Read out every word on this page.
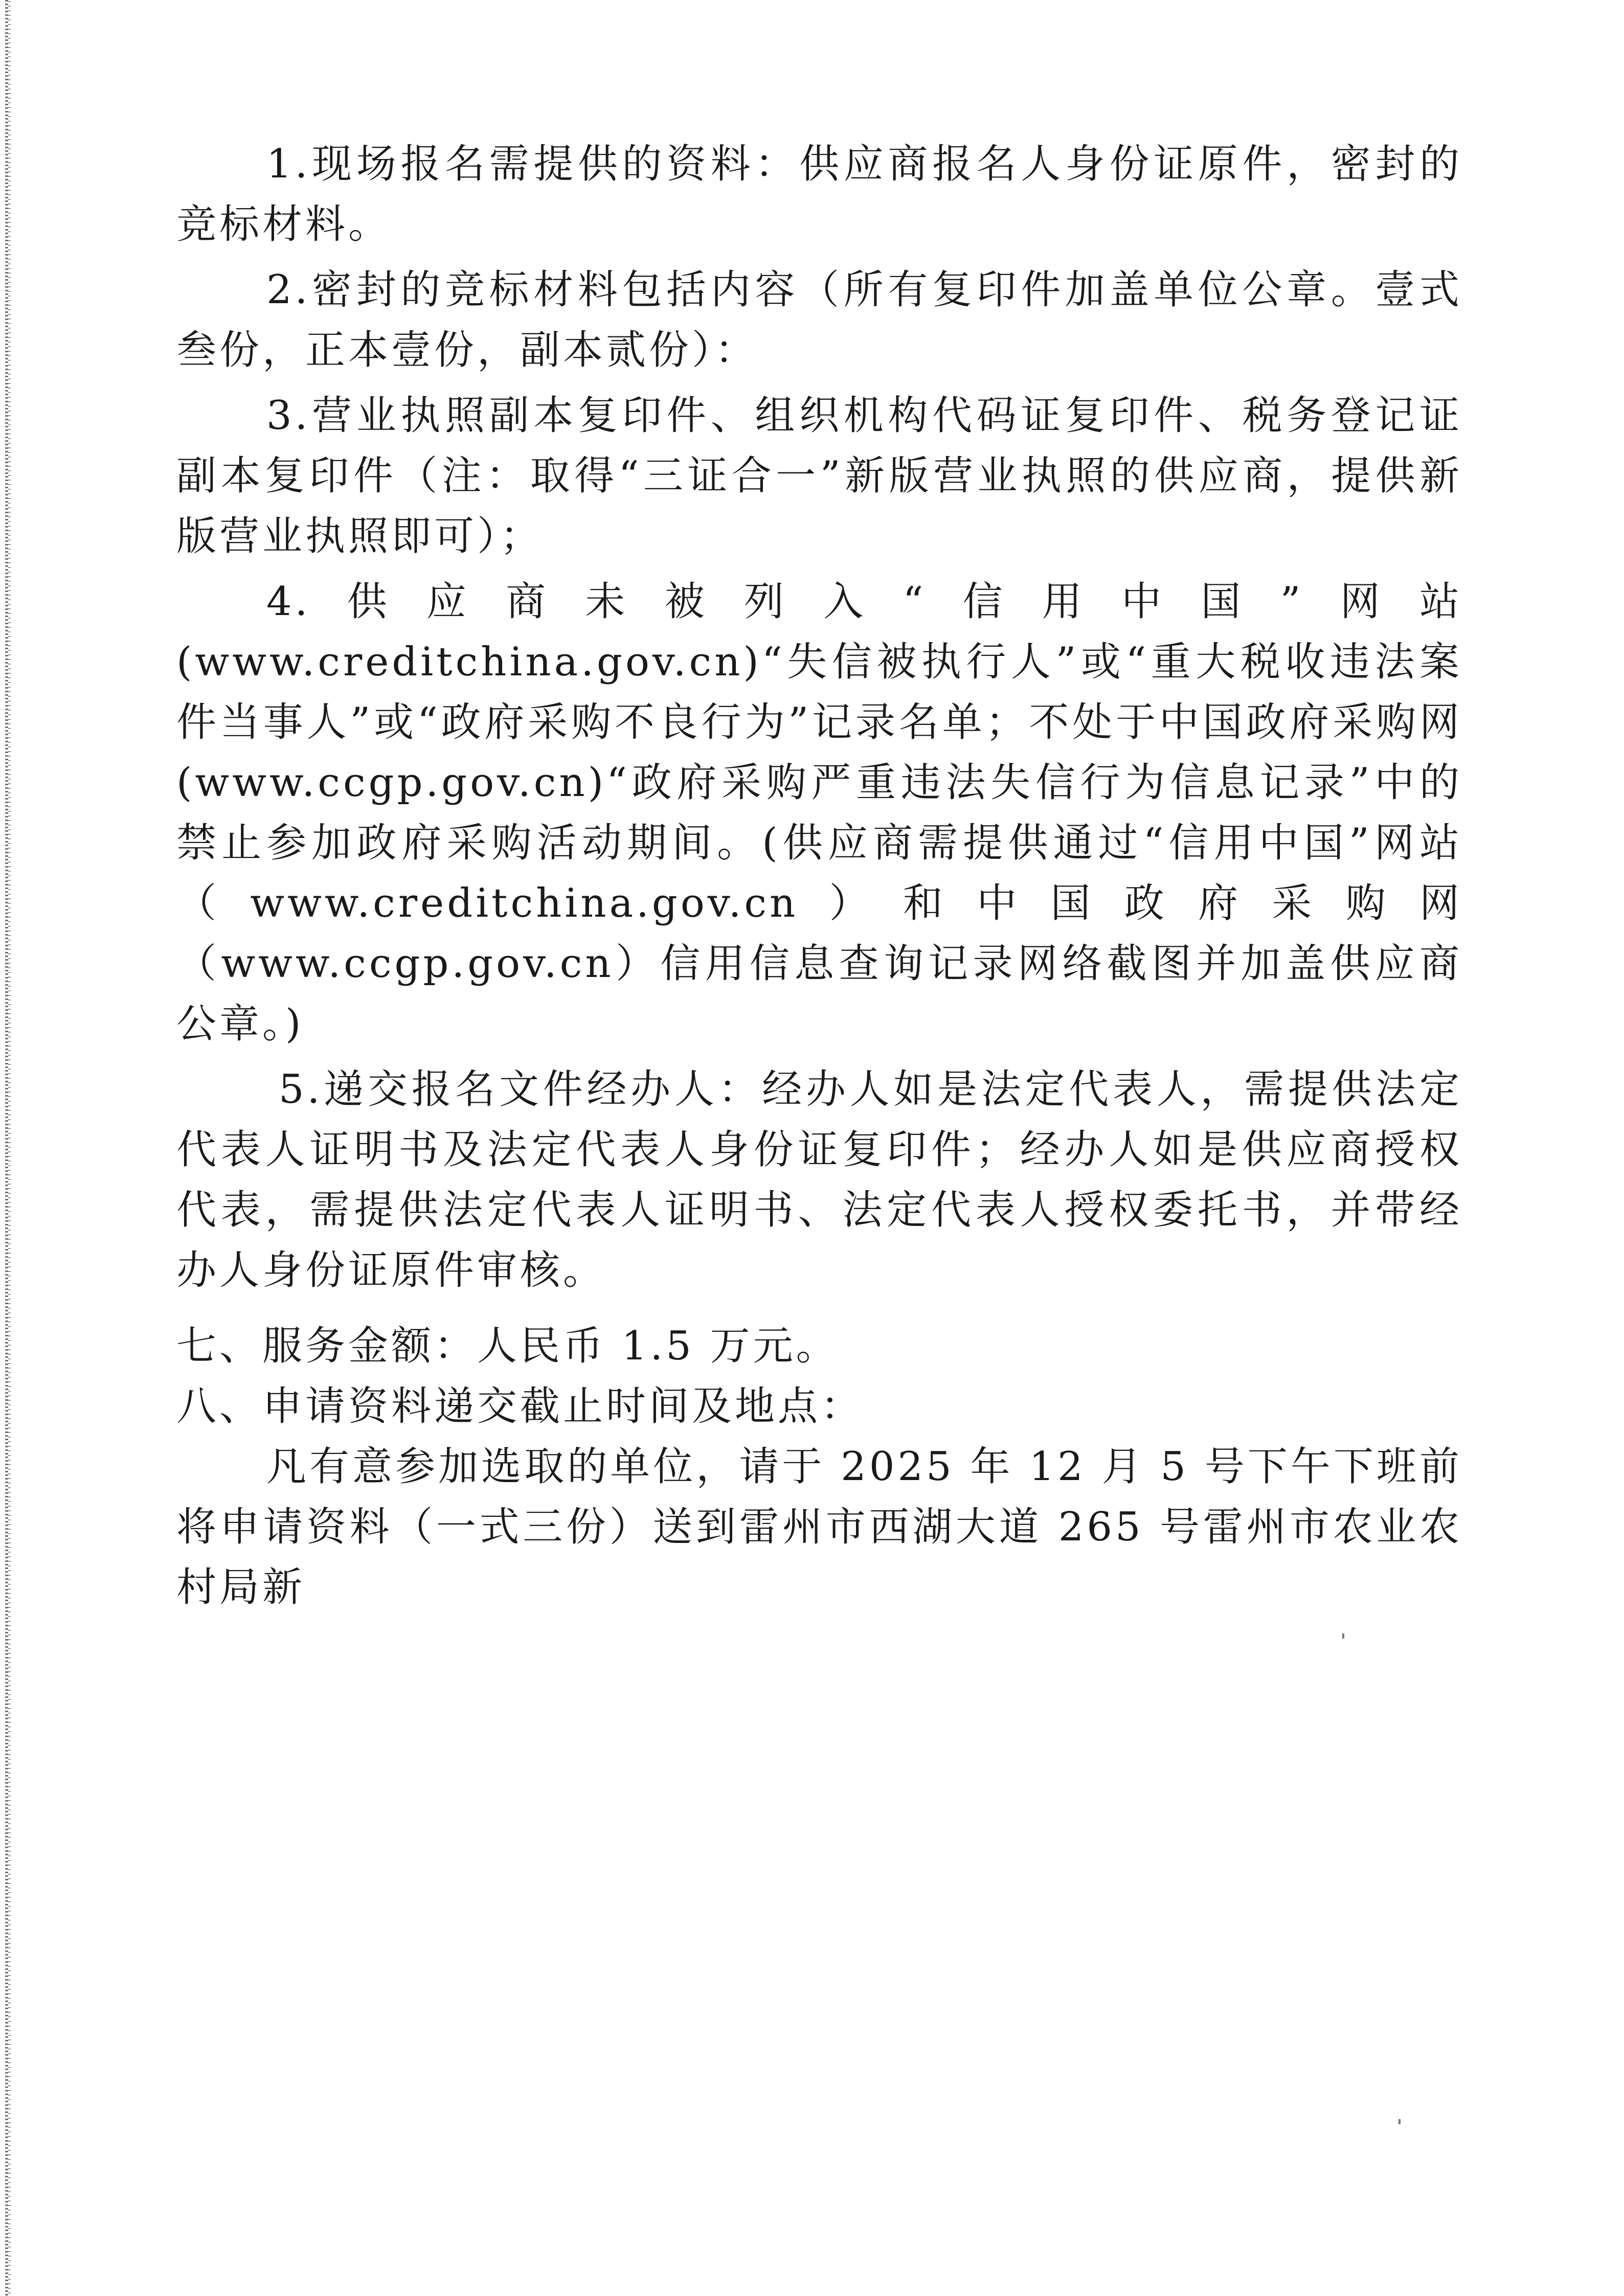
1.现场报名需提供的资料：供应商报名人身份证原件，密封的竞标材料。

2.密封的竞标材料包括内容（所有复印件加盖单位公章。壹式叁份，正本壹份，副本贰份）：

3.营业执照副本复印件、组织机构代码证复印件、税务登记证副本复印件（注：取得“三证合一”新版营业执照的供应商，提供新版营业执照即可）；

4.供应商未被列入“信用中国”网站

(www.creditchina.gov.cn)“失信被执行人”或“重大税收违法案件当事人”或“政府采购不良行为”记录名单；不处于中国政府采购网(www.ccgp.gov.cn)“政府采购严重违法失信行为信息记录”中的禁止参加政府采购活动期间。(供应商需提供通过“信用中国”网站（www.creditchina.gov.cn）和中国政府采购网（www.ccgp.gov.cn）信用信息查询记录网络截图并加盖供应商公章。)

5.递交报名文件经办人：经办人如是法定代表人，需提供法定代表人证明书及法定代表人身份证复印件；经办人如是供应商授权代表，需提供法定代表人证明书、法定代表人授权委托书，并带经办人身份证原件审核。

七、服务金额：人民币 1.5 万元。

八、申请资料递交截止时间及地点：

凡有意参加选取的单位，请于 2025 年 12 月 5 号下午下班前将申请资料（一式三份）送到雷州市西湖大道 265 号雷州市农业农村局新
